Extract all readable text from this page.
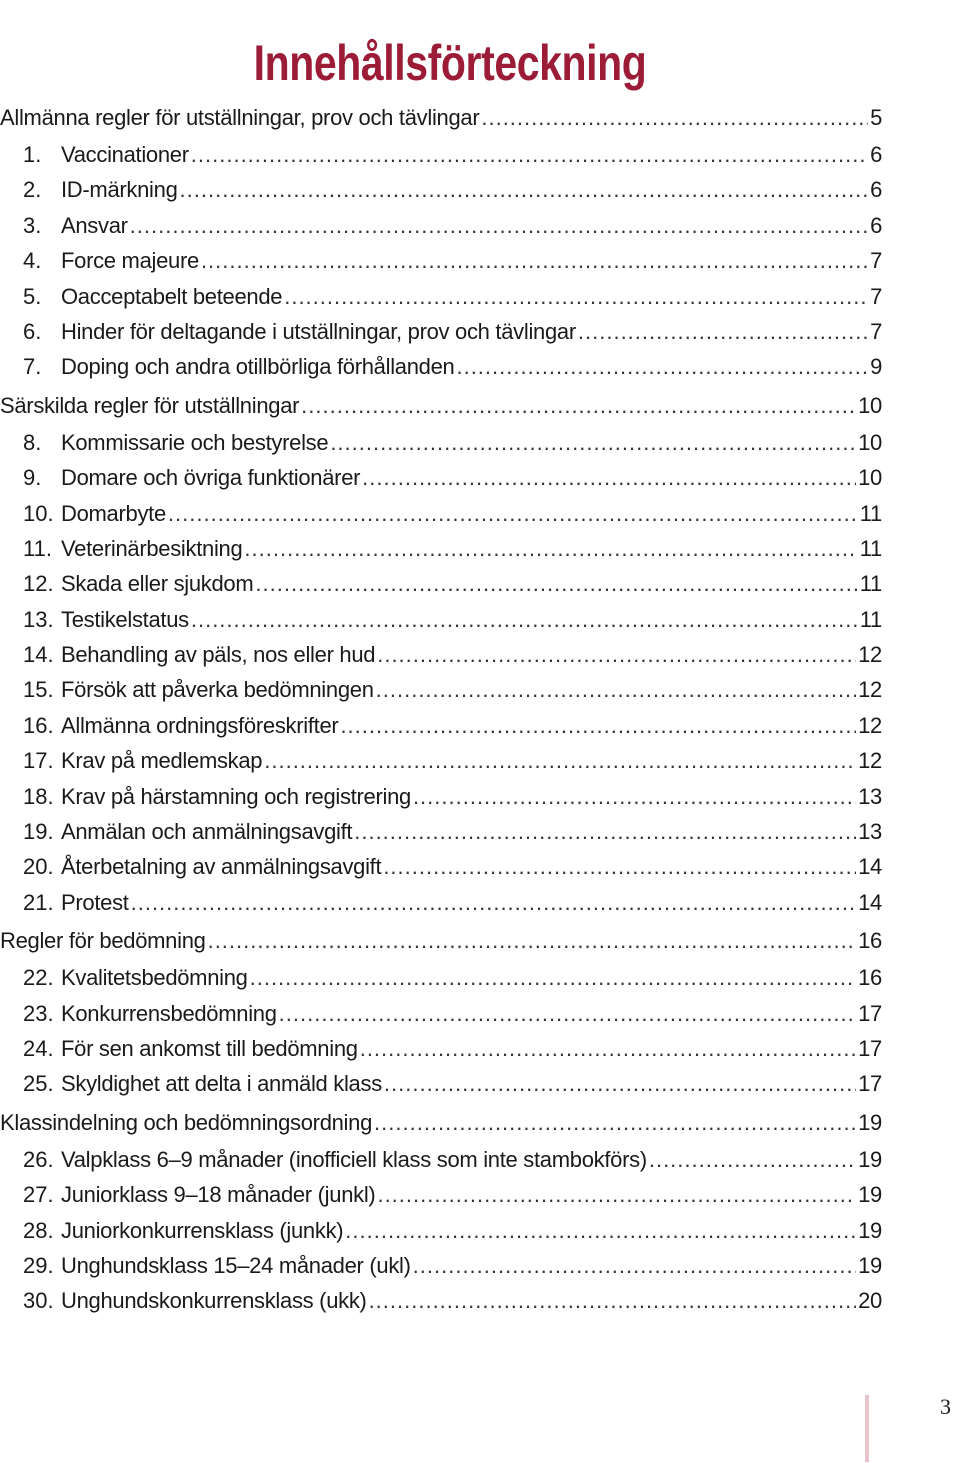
Innehållsförteckning
Allmänna regler för utställningar, prov och tävlingar .....	5
1. Vaccinationer .....	6
2. ID-märkning .....	6
3. Ansvar .....	6
4. Force majeure .....	7
5. Oacceptabelt beteende .....	7
6. Hinder för deltagande i utställningar, prov och tävlingar .....	7
7. Doping och andra otillbörliga förhållanden .....	9
Särskilda regler för utställningar .....	10
8. Kommissarie och bestyrelse .....	10
9. Domare och övriga funktionärer .....	10
10. Domarbyte .....	11
11. Veterinärbesiktning .....	11
12. Skada eller sjukdom .....	11
13. Testikelstatus .....	11
14. Behandling av päls, nos eller hud .....	12
15. Försök att påverka bedömningen .....	12
16. Allmänna ordningsföreskrifter .....	12
17. Krav på medlemskap .....	12
18. Krav på härstamning och registrering .....	13
19. Anmälan och anmälningsavgift .....	13
20. Återbetalning av anmälningsavgift .....	14
21. Protest .....	14
Regler för bedömning .....	16
22. Kvalitetsbedömning .....	16
23. Konkurrensbedömning .....	17
24. För sen ankomst till bedömning .....	17
25. Skyldighet att delta i anmäld klass .....	17
Klassindelning och bedömningsordning .....	19
26. Valpklass 6–9 månader (inofficiell klass som inte stambokförs) .....	19
27. Juniorklass 9–18 månader (junkl) .....	19
28. Juniorkonkurrensklass (junkk) .....	19
29. Unghundsklass 15–24 månader (ukl) .....	19
30. Unghundskonkurrensklass (ukk) .....	20
3
